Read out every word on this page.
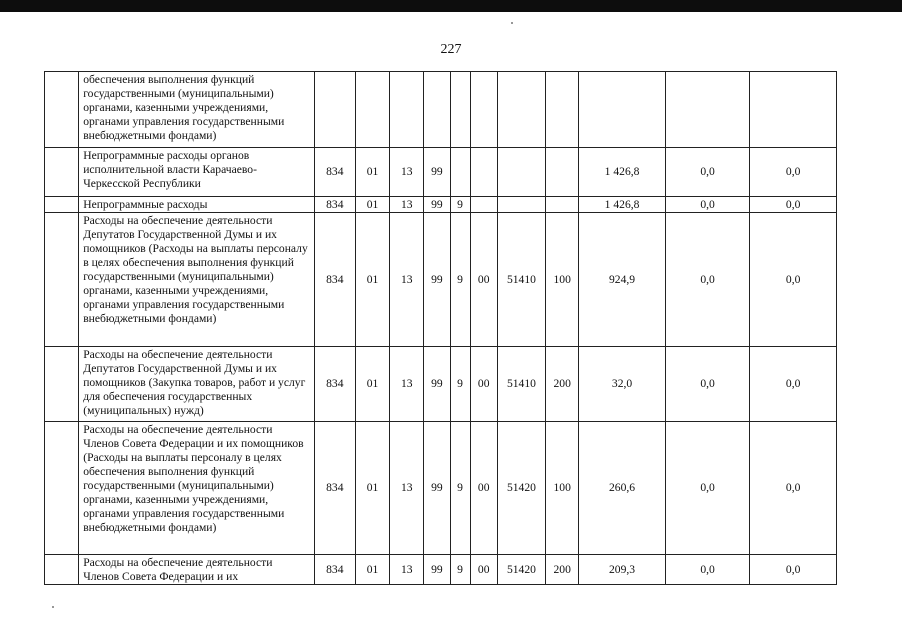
227
	обеспечения выполнения функций государственными (муниципальными) органами, казенными учреждениями, органами управления государственными внебюджетными фондами)											
	Непрограммные расходы органов исполнительной власти Карачаево-Черкесской Республики	834	01	13	99					1 426,8	0,0	0,0
	Непрограммные расходы	834	01	13	99	9				1 426,8	0,0	0,0
	Расходы на обеспечение деятельности Депутатов Государственной Думы и их помощников (Расходы на выплаты персоналу в целях обеспечения выполнения функций государственными (муниципальными) органами, казенными учреждениями, органами управления государственными внебюджетными фондами)	834	01	13	99	9	00	51410	100	924,9	0,0	0,0
	Расходы на обеспечение деятельности Депутатов Государственной Думы и их помощников (Закупка товаров, работ и услуг для обеспечения государственных (муниципальных) нужд)	834	01	13	99	9	00	51410	200	32,0	0,0	0,0
	Расходы на обеспечение деятельности Членов Совета Федерации и их помощников (Расходы на выплаты персоналу в целях обеспечения выполнения функций государственными (муниципальными) органами, казенными учреждениями, органами управления государственными внебюджетными фондами)	834	01	13	99	9	00	51420	100	260,6	0,0	0,0
	Расходы на обеспечение деятельности Членов Совета Федерации и их	834	01	13	99	9	00	51420	200	209,3	0,0	0,0
